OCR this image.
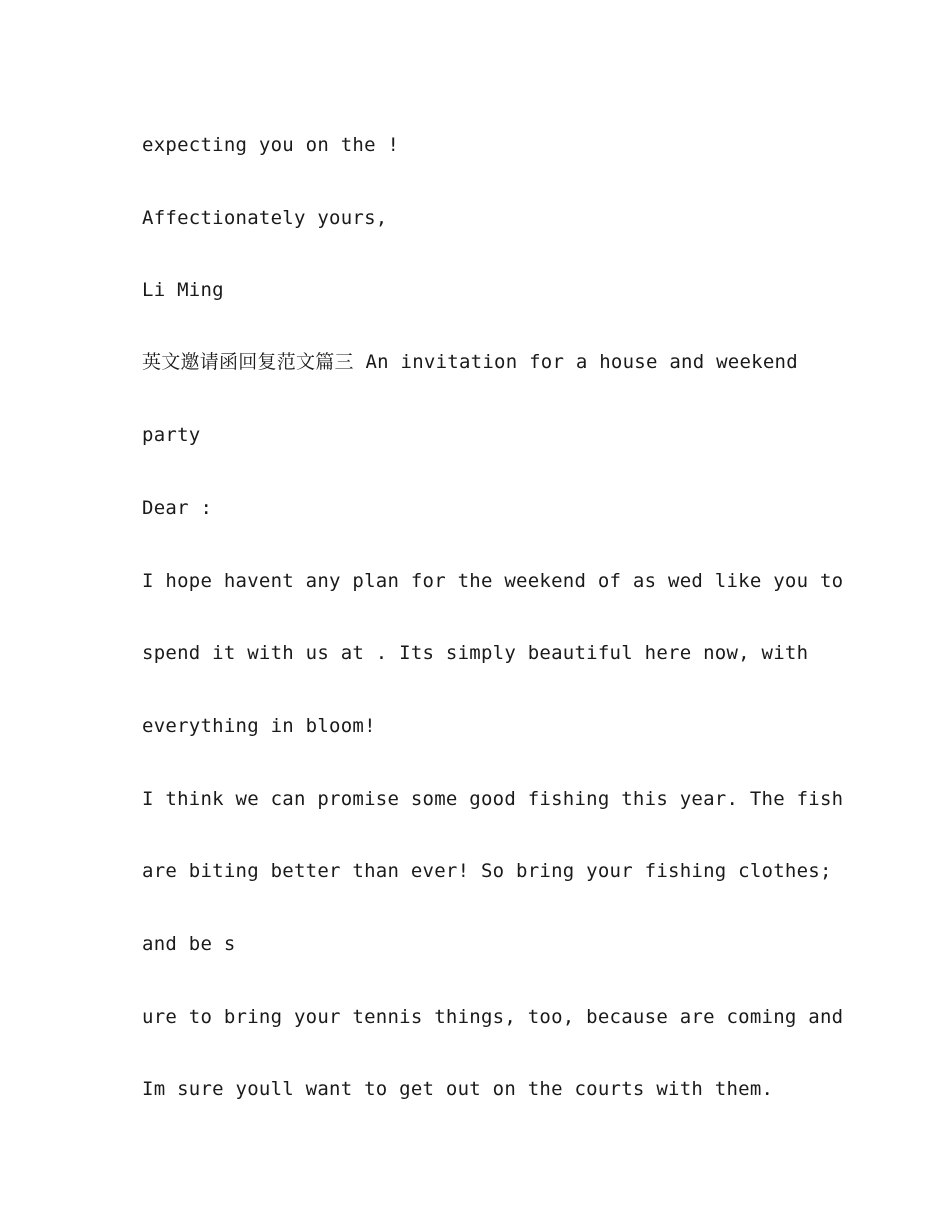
expecting you on the !

Affectionately yours,

Li Ming

英文邀请函回复范文篇三 An invitation for a house and weekend

party

Dear :

I hope havent any plan for the weekend of as wed like you to

spend it with us at . Its simply beautiful here now, with

everything in bloom!

I think we can promise some good fishing this year. The fish

are biting better than ever! So bring your fishing clothes;

and be s

ure to bring your tennis things, too, because are coming and

Im sure youll want to get out on the courts with them.
